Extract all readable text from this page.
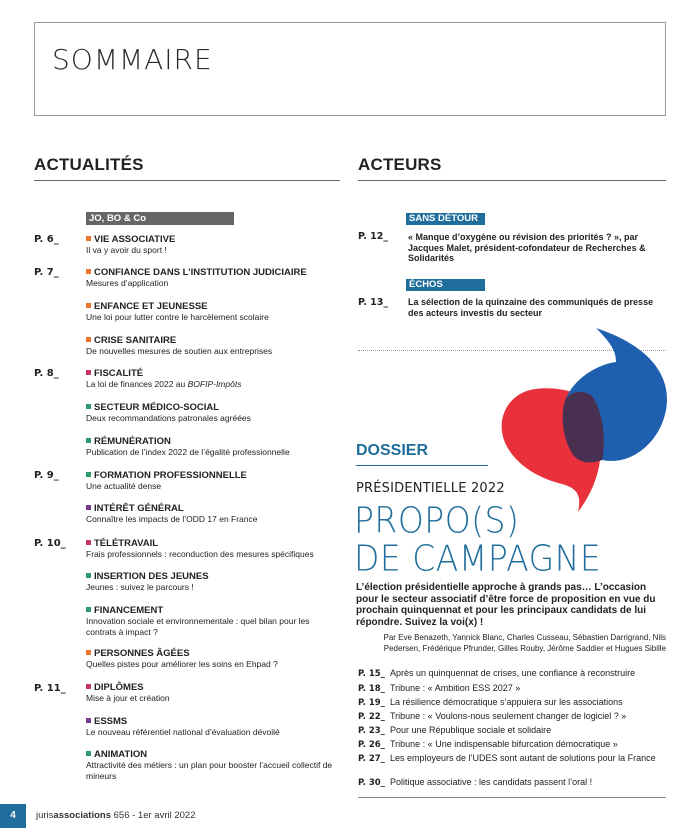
SOMMAIRE
ACTUALITÉS	ACTEURS
JO, BO & Co
P. 6_
P. 7_
P. 8_
P. 9_
P. 10_
P. 11_
VIE ASSOCIATIVE
Il va y avoir du sport !
CONFIANCE DANS L’INSTITUTION JUDICIAIRE
Mesures d’application
ENFANCE ET JEUNESSE
Une loi pour lutter contre le harcèlement scolaire
CRISE SANITAIRE
De nouvelles mesures de soutien aux entreprises
FISCALITÉ
La loi de finances 2022 au BOFIP-Impôts
SECTEUR MÉDICO-SOCIAL
Deux recommandations patronales agréées
RÉMUNÉRATION
Publication de l’index 2022 de l’égalité professionnelle
FORMATION PROFESSIONNELLE
Une actualité dense
INTÉRÊT GÉNÉRAL
Connaître les impacts de l’ODD 17 en France
TÉLÉTRAVAIL
Frais professionnels : reconduction des mesures spécifiques
INSERTION DES JEUNES
Jeunes : suivez le parcours !
FINANCEMENT
Innovation sociale et environnementale : quel bilan pour les contrats à impact ?
PERSONNES ÂGÉES
Quelles pistes pour améliorer les soins en Ehpad ?
DIPLÔMES
Mise à jour et création
ESSMS
Le nouveau référentiel national d’évaluation dévoilé
ANIMATION
Attractivité des métiers : un plan pour booster l’accueil collectif de mineurs
SANS DÉTOUR
P. 12_ « Manque d’oxygène ou révision des priorités ? », par Jacques Malet, président-cofondateur de Recherches & Solidarités
ÉCHOS
P. 13_ La sélection de la quinzaine des communiqués de presse des acteurs investis du secteur
DOSSIER
PRÉSIDENTIELLE 2022
PROPO(S)
DE CAMPAGNE
L’élection présidentielle approche à grands pas… L’occasion pour le secteur associatif d’être force de proposition en vue du prochain quinquennat et pour les principaux candidats de lui répondre. Suivez la voi(x) !
Par Eve Benazeth, Yannick Blanc, Charles Cusseau, Sébastien Darrigrand, Nils Pedersen, Frédérique Pfrunder, Gilles Rouby, Jérôme Saddier et Hugues Sibille
P. 15_ Après un quinquennat de crises, une confiance à reconstruire
P. 18_ Tribune : « Ambition ESS 2027 »
P. 19_ La résilience démocratique s’appuiera sur les associations
P. 22_ Tribune : « Voulons-nous seulement changer de logiciel ? »
P. 23_ Pour une République sociale et solidaire
P. 26_ Tribune : « Une indispensable bifurcation démocratique »
P. 27_ Les employeurs de l’UDES sont autant de solutions pour la France
P. 30_ Politique associative : les candidats passent l’oral !
4	jurisassociations 656 - 1er avril 2022
